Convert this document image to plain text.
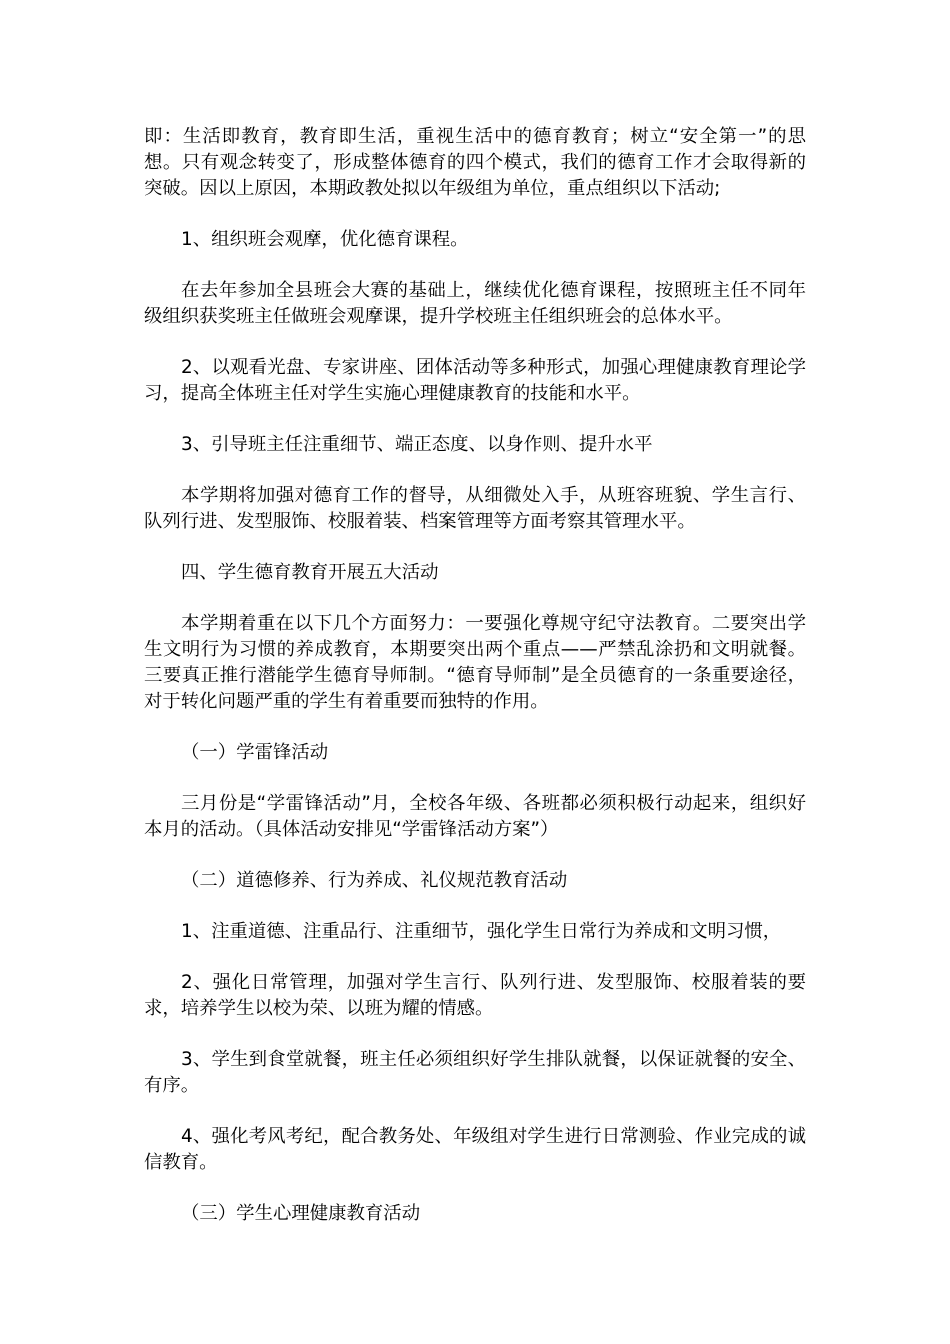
即：生活即教育，教育即生活，重视生活中的德育教育；树立“安全第一”的思想。只有观念转变了，形成整体德育的四个模式，我们的德育工作才会取得新的突破。因以上原因，本期政教处拟以年级组为单位，重点组织以下活动;

1、组织班会观摩，优化德育课程。

在去年参加全县班会大赛的基础上，继续优化德育课程，按照班主任不同年级组织获奖班主任做班会观摩课，提升学校班主任组织班会的总体水平。

2、以观看光盘、专家讲座、团体活动等多种形式，加强心理健康教育理论学习，提高全体班主任对学生实施心理健康教育的技能和水平。

3、引导班主任注重细节、端正态度、以身作则、提升水平

本学期将加强对德育工作的督导，从细微处入手，从班容班貌、学生言行、队列行进、发型服饰、校服着装、档案管理等方面考察其管理水平。

四、学生德育教育开展五大活动

本学期着重在以下几个方面努力：一要强化尊规守纪守法教育。二要突出学生文明行为习惯的养成教育，本期要突出两个重点——严禁乱涂扔和文明就餐。三要真正推行潜能学生德育导师制。“德育导师制”是全员德育的一条重要途径，对于转化问题严重的学生有着重要而独特的作用。

（一）学雷锋活动

三月份是“学雷锋活动”月，全校各年级、各班都必须积极行动起来，组织好本月的活动。（具体活动安排见“学雷锋活动方案”）

（二）道德修养、行为养成、礼仪规范教育活动

1、注重道德、注重品行、注重细节，强化学生日常行为养成和文明习惯，

2、强化日常管理，加强对学生言行、队列行进、发型服饰、校服着装的要求，培养学生以校为荣、以班为耀的情感。

3、学生到食堂就餐，班主任必须组织好学生排队就餐，以保证就餐的安全、有序。

4、强化考风考纪，配合教务处、年级组对学生进行日常测验、作业完成的诚信教育。

（三）学生心理健康教育活动
